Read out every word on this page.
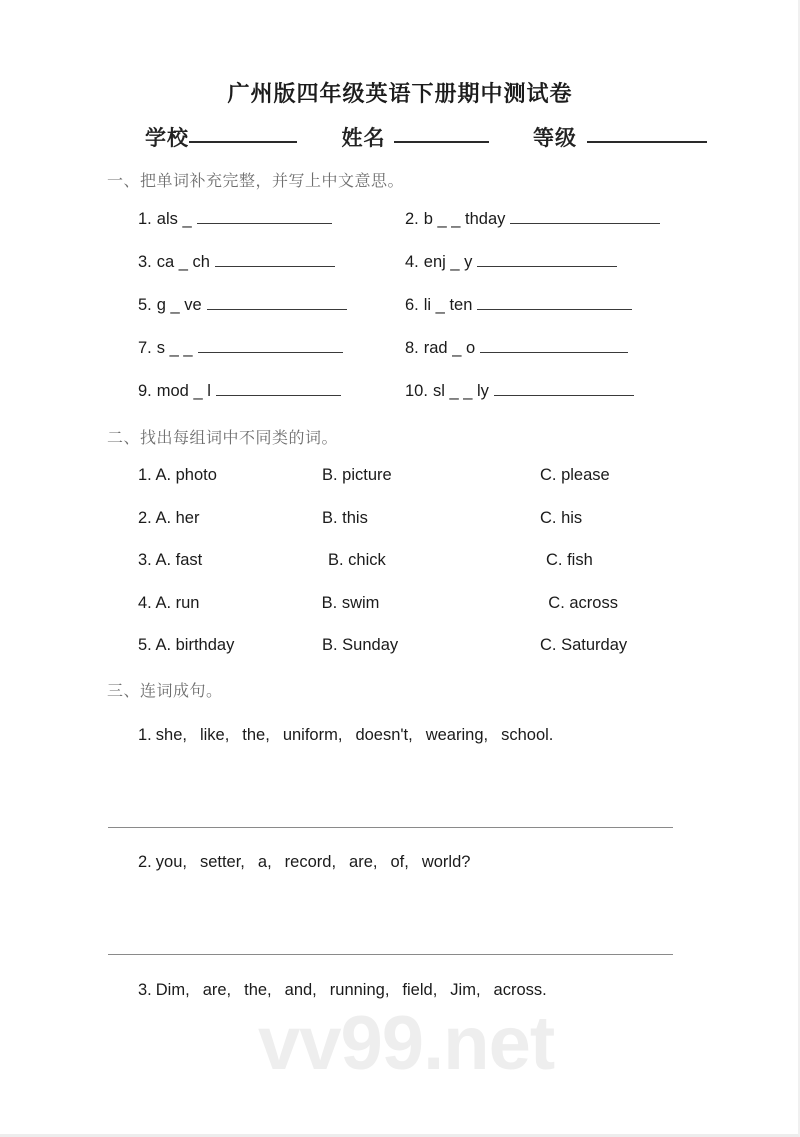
vv99.net
广州版四年级英语下册期中测试卷
学校	姓名	等级
一、把单词补充完整，并写上中文意思。
1. als _	2. b _ _ thday
3. ca _ ch	4. enj _ y
5. g _ ve	6. li _ ten
7. s _ _	8. rad _ o
9. mod _ l	10. sl _ _ ly
二、找出每组词中不同类的词。
1. A. photo	B. picture	C. please
2. A. her	B. this	C. his
3. A. fast	B. chick	C. fish
4. A. run	B. swim	C. across
5. A. birthday	B. Sunday	C. Saturday
三、连词成句。
1. she, like, the, uniform, doesn't, wearing, school.
2. you, setter, a, record, are, of, world?
3. Dim, are, the, and, running, field, Jim, across.
